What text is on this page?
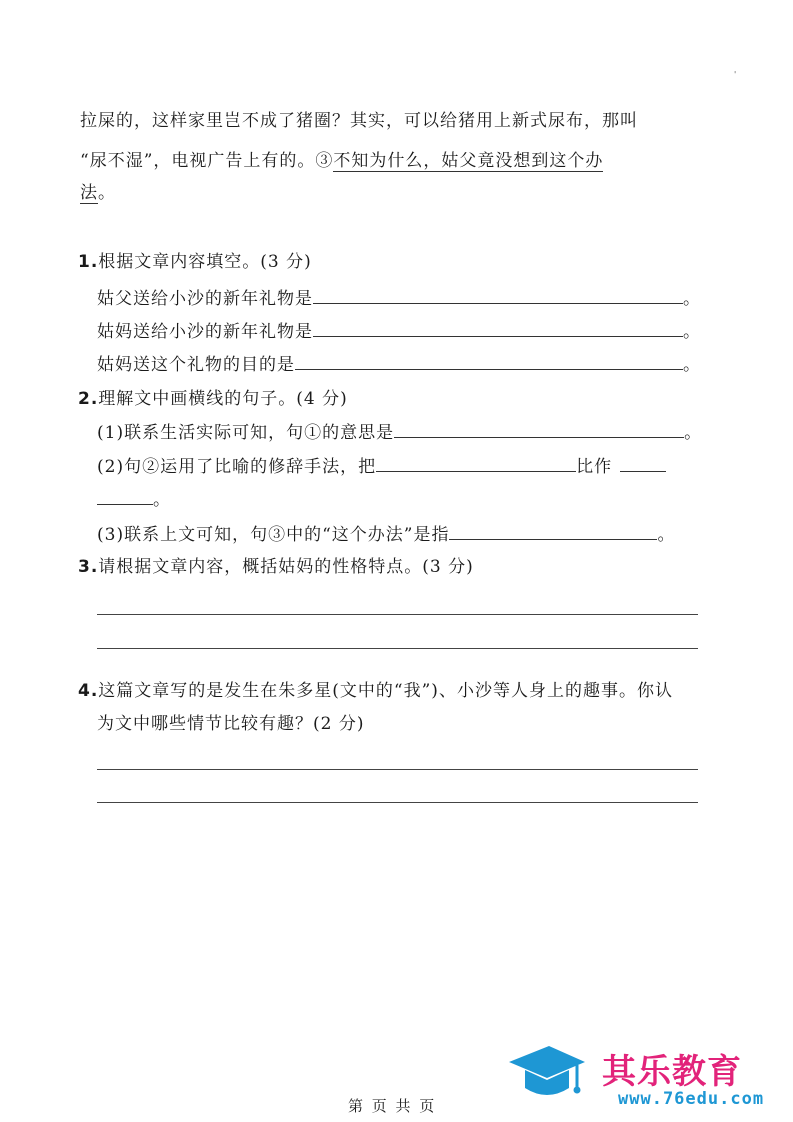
'
拉屎的，这样家里岂不成了猪圈？其实，可以给猪用上新式尿布，那叫
“尿不湿”，电视广告上有的。③不知为什么，姑父竟没想到这个办
法。
1.根据文章内容填空。(3 分)
姑父送给小沙的新年礼物是	。
姑妈送给小沙的新年礼物是	。
姑妈送这个礼物的目的是	。
2.理解文中画横线的句子。(4 分)
(1)联系生活实际可知，句①的意思是	。
(2)句②运用了比喻的修辞手法，把	比作
。
(3)联系上文可知，句③中的“这个办法”是指	。
3.请根据文章内容，概括姑妈的性格特点。(3 分)
4.这篇文章写的是发生在朱多星(文中的“我”)、小沙等人身上的趣事。你认
为文中哪些情节比较有趣？(2 分)
第 页 共 页
其乐教育
www.76edu.com
